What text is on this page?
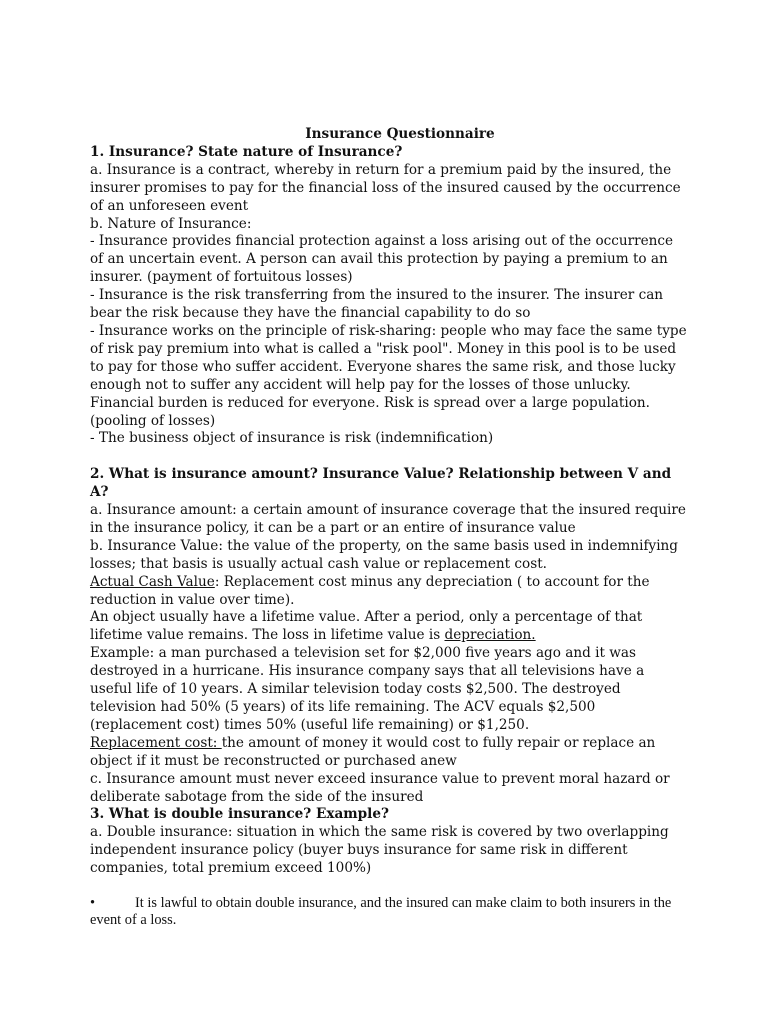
Insurance Questionnaire
1. Insurance? State nature of Insurance?
a. Insurance is a contract, whereby in return for a premium paid by the insured, the insurer promises to pay for the financial loss of the insured caused by the occurrence of an unforeseen event
b. Nature of Insurance:
- Insurance provides financial protection against a loss arising out of the occurrence of an uncertain event. A person can avail this protection by paying a premium to an insurer. (payment of fortuitous losses)
- Insurance is the risk transferring from the insured to the insurer. The insurer can bear the risk because they have the financial capability to do so
- Insurance works on the principle of risk-sharing: people who may face the same type of risk pay premium into what is called a "risk pool". Money in this pool is to be used to pay for those who suffer accident. Everyone shares the same risk, and those lucky enough not to suffer any accident will help pay for the losses of those unlucky. Financial burden is reduced for everyone. Risk is spread over a large population. (pooling of losses)
- The business object of insurance is risk (indemnification)
2. What is insurance amount? Insurance Value? Relationship between V and A?
a. Insurance amount: a certain amount of insurance coverage that the insured require in the insurance policy, it can be a part or an entire of insurance value
b. Insurance Value: the value of the property, on the same basis used in indemnifying losses; that basis is usually actual cash value or replacement cost.
Actual Cash Value: Replacement cost minus any depreciation ( to account for the reduction in value over time).
An object usually have a lifetime value. After a period, only a percentage of that lifetime value remains. The loss in lifetime value is depreciation.
Example: a man purchased a television set for $2,000 five years ago and it was destroyed in a hurricane. His insurance company says that all televisions have a useful life of 10 years. A similar television today costs $2,500. The destroyed television had 50% (5 years) of its life remaining. The ACV equals $2,500 (replacement cost) times 50% (useful life remaining) or $1,250.
Replacement cost: the amount of money it would cost to fully repair or replace an object if it must be reconstructed or purchased anew
c. Insurance amount must never exceed insurance value to prevent moral hazard or deliberate sabotage from the side of the insured
3. What is double insurance? Example?
a. Double insurance: situation in which the same risk is covered by two overlapping independent insurance policy (buyer buys insurance for same risk in different companies, total premium exceed 100%)
•	It is lawful to obtain double insurance, and the insured can make claim to both insurers in the event of a loss.
